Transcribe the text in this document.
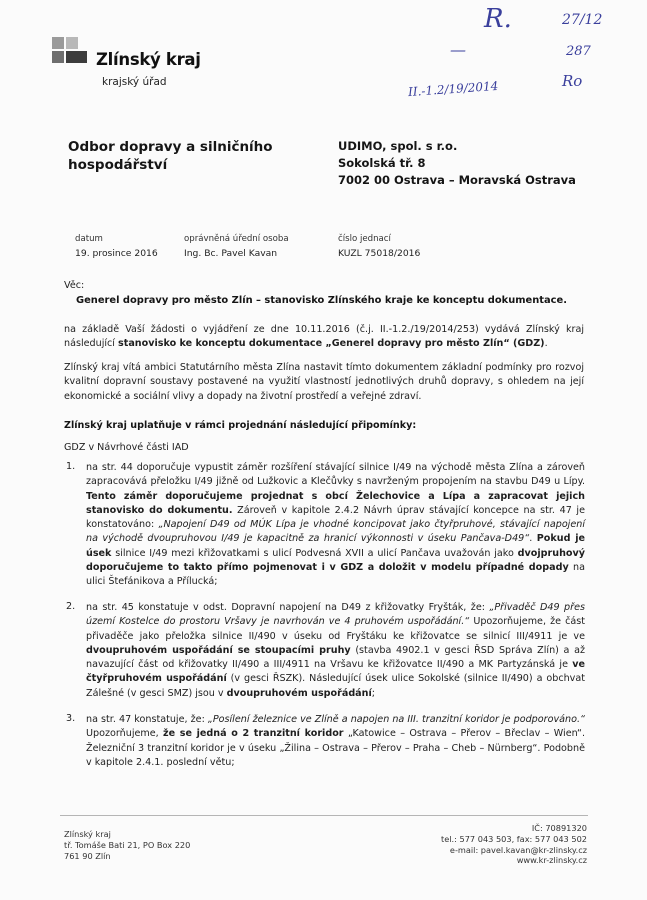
Zlínský kraj
krajský úřad
R.
—
27/12
287
II.-1.2/19/2014	Ro
Odbor dopravy a silničního
hospodářství
UDIMO, spol. s r.o.
Sokolská tř. 8
7002 00 Ostrava – Moravská Ostrava
datum
19. prosince 2016
oprávněná úřední osoba
Ing. Bc. Pavel Kavan
číslo jednací
KUZL 75018/2016
Věc:
Generel dopravy pro město Zlín – stanovisko Zlínského kraje ke konceptu dokumentace.
na základě Vaší žádosti o vyjádření ze dne 10.11.2016 (č.j. II.-1.2./19/2014/253) vydává Zlínský kraj následující stanovisko ke konceptu dokumentace „Generel dopravy pro město Zlín“ (GDZ).
Zlínský kraj vítá ambici Statutárního města Zlína nastavit tímto dokumentem základní podmínky pro rozvoj kvalitní dopravní soustavy postavené na využití vlastností jednotlivých druhů dopravy, s ohledem na její ekonomické a sociální vlivy a dopady na životní prostředí a veřejné zdraví.
Zlínský kraj uplatňuje v rámci projednání následující připomínky:
GDZ v Návrhové části IAD
1. na str. 44 doporučuje vypustit záměr rozšíření stávající silnice I/49 na východě města Zlína a zároveň zapracovává přeložku I/49 jižně od Lužkovic a Klečůvky s navrženým propojením na stavbu D49 u Lípy. Tento záměr doporučujeme projednat s obcí Želechovice a Lípa a zapracovat jejich stanovisko do dokumentu. Zároveň v kapitole 2.4.2 Návrh úprav stávající koncepce na str. 47 je konstatováno: „Napojení D49 od MÚK Lípa je vhodné koncipovat jako čtyřpruhové, stávající napojení na východě dvoupruhovou I/49 je kapacitně za hranicí výkonnosti v úseku Pančava-D49“. Pokud je úsek silnice I/49 mezi křižovatkami s ulicí Podvesná XVII a ulicí Pančava uvažován jako dvojpruhový doporučujeme to takto přímo pojmenovat i v GDZ a doložit v modelu případné dopady na ulici Štefánikova a Přílucká;
2. na str. 45 konstatuje v odst. Dopravní napojení na D49 z křižovatky Fryšták, že: „Přivaděč D49 přes území Kostelce do prostoru Vršavy je navrhován ve 4 pruhovém uspořádání.“ Upozorňujeme, že část přivaděče jako přeložka silnice II/490 v úseku od Fryštáku ke křižovatce se silnicí III/4911 je ve dvoupruhovém uspořádání se stoupacími pruhy (stavba 4902.1 v gesci ŘSD Správa Zlín) a až navazující část od křižovatky II/490 a III/4911 na Vršavu ke křižovatce II/490 a MK Partyzánská je ve čtyřpruhovém uspořádání (v gesci ŘSZK). Následující úsek ulice Sokolské (silnice II/490) a obchvat Zálešné (v gesci SMZ) jsou v dvoupruhovém uspořádání;
3. na str. 47 konstatuje, že: „Posílení železnice ve Zlíně a napojen na III. tranzitní koridor je podporováno.“ Upozorňujeme, že se jedná o 2 tranzitní koridor „Katowice – Ostrava – Přerov – Břeclav – Wien“. Železniční 3 tranzitní koridor je v úseku „Žilina – Ostrava – Přerov – Praha – Cheb – Nürnberg“. Podobně v kapitole 2.4.1. poslední větu;
Zlínský kraj
tř. Tomáše Bati 21, PO Box 220
761 90 Zlín
IČ: 70891320
tel.: 577 043 503, fax: 577 043 502
e-mail: pavel.kavan@kr-zlinsky.cz
www.kr-zlinsky.cz
